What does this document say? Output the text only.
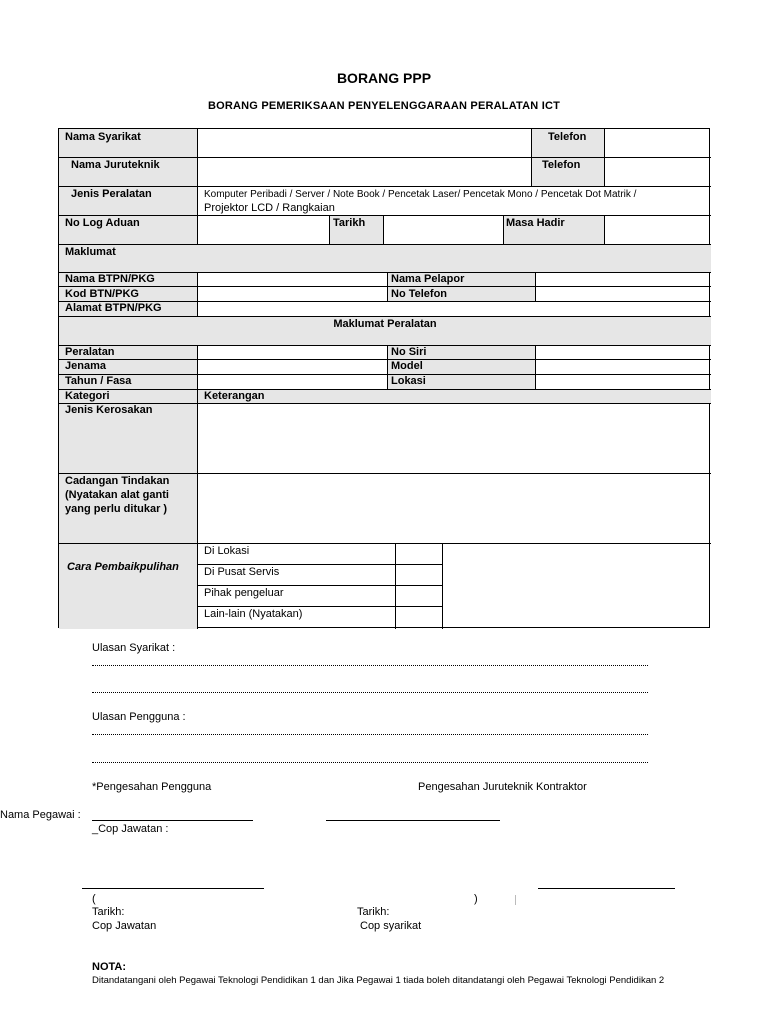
BORANG PPP
BORANG PEMERIKSAAN PENYELENGGARAAN PERALATAN ICT
Nama Syarikat	Telefon
Nama Juruteknik	Telefon
Jenis Peralatan	Komputer Peribadi / Server / Note Book / Pencetak Laser/ Pencetak Mono / Pencetak Dot Matrik /
Projektor LCD / Rangkaian
No Log Aduan	Tarikh	Masa Hadir
Maklumat
Nama BTPN/PKG	Nama Pelapor
Kod BTN/PKG	No Telefon
Alamat BTPN/PKG
Maklumat Peralatan
Peralatan	No Siri
Jenama	Model
Tahun / Fasa	Lokasi
Kategori	Keterangan
Jenis Kerosakan
Cadangan Tindakan
(Nyatakan alat ganti
yang perlu ditukar )
Cara Pembaikpulihan
Di Lokasi
Di Pusat Servis
Pihak pengeluar
Lain-lain (Nyatakan)
Ulasan Syarikat :
Ulasan Pengguna :
*Pengesahan Pengguna	Pengesahan Juruteknik Kontraktor
Nama Pegawai :
_Cop Jawatan :
(	)
Tarikh:	Tarikh:
Cop Jawatan	Cop syarikat
NOTA:
Ditandatangani oleh Pegawai Teknologi Pendidikan 1 dan Jika Pegawai 1 tiada boleh ditandatangi oleh Pegawai Teknologi Pendidikan 2
